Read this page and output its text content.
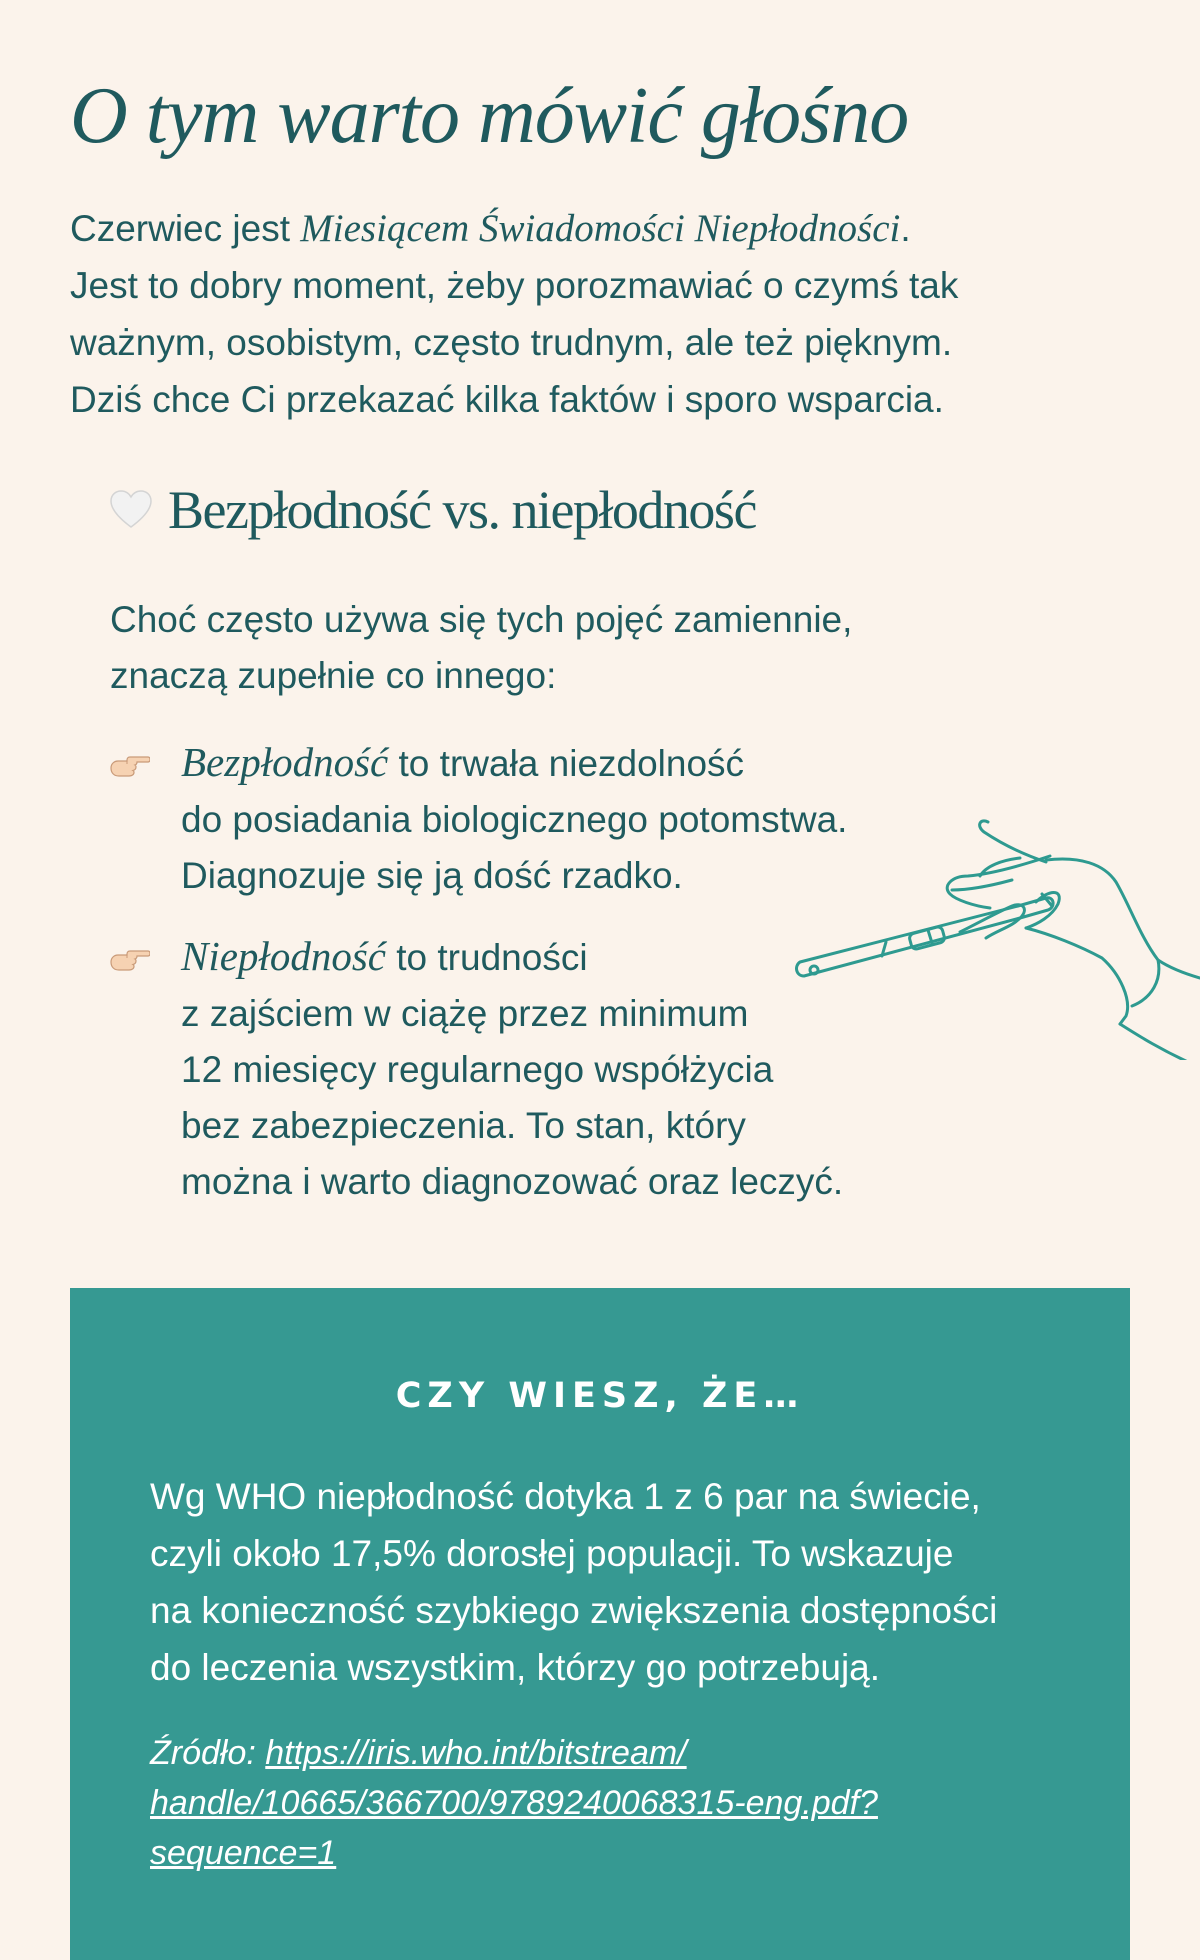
O tym warto mówić głośno

Czerwiec jest Miesiącem Świadomości Niepłodności.
Jest to dobry moment, żeby porozmawiać o czymś tak
ważnym, osobistym, często trudnym, ale też pięknym.
Dziś chce Ci przekazać kilka faktów i sporo wsparcia.

Bezpłodność vs. niepłodność

Choć często używa się tych pojęć zamiennie,
znaczą zupełnie co innego:

Bezpłodność to trwała niezdolność
do posiadania biologicznego potomstwa.
Diagnozuje się ją dość rzadko.
Niepłodność to trudności
z zajściem w ciążę przez minimum
12 miesięcy regularnego współżycia
bez zabezpieczenia. To stan, który
można i warto diagnozować oraz leczyć.
CZY WIESZ, ŻE…

Wg WHO niepłodność dotyka 1 z 6 par na świecie,
czyli około 17,5% dorosłej populacji. To wskazuje
na konieczność szybkiego zwiększenia dostępności
do leczenia wszystkim, którzy go potrzebują.

Źródło: https://iris.who.int/bitstream/
handle/10665/366700/9789240068315-eng.pdf?
sequence=1
